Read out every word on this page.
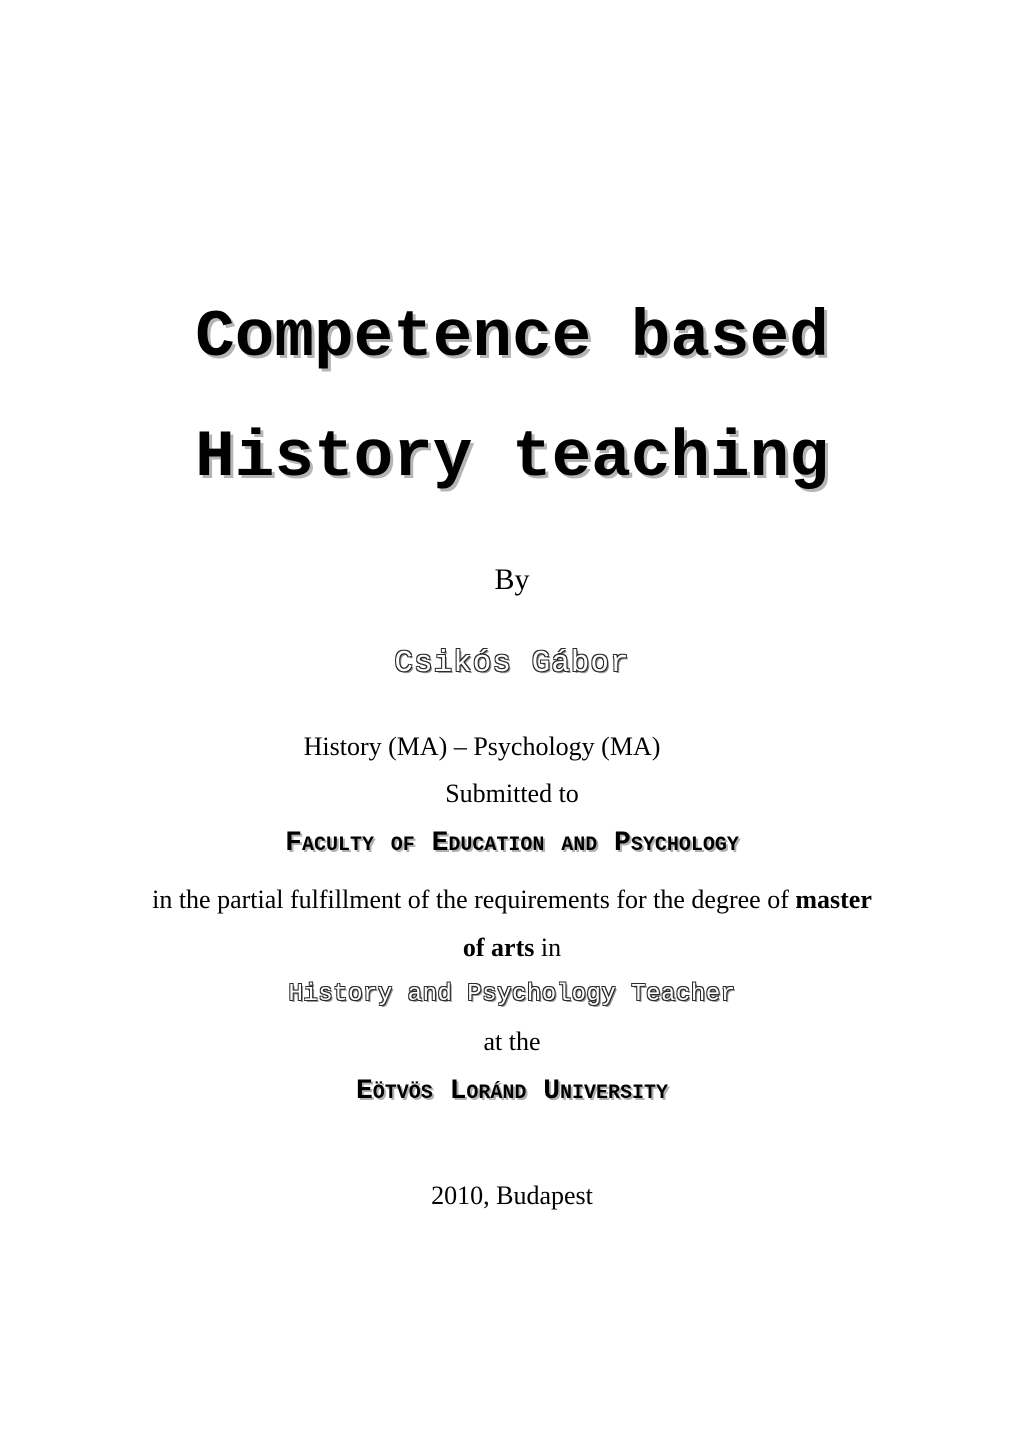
Competence based
History teaching
By
Csikós Gábor
History (MA) – Psychology (MA)
Submitted to
Faculty of Education and Psychology
in the partial fulfillment of the requirements for the degree of master
of arts in
History and Psychology Teacher
at the
Eötvös Loránd University
2010, Budapest
